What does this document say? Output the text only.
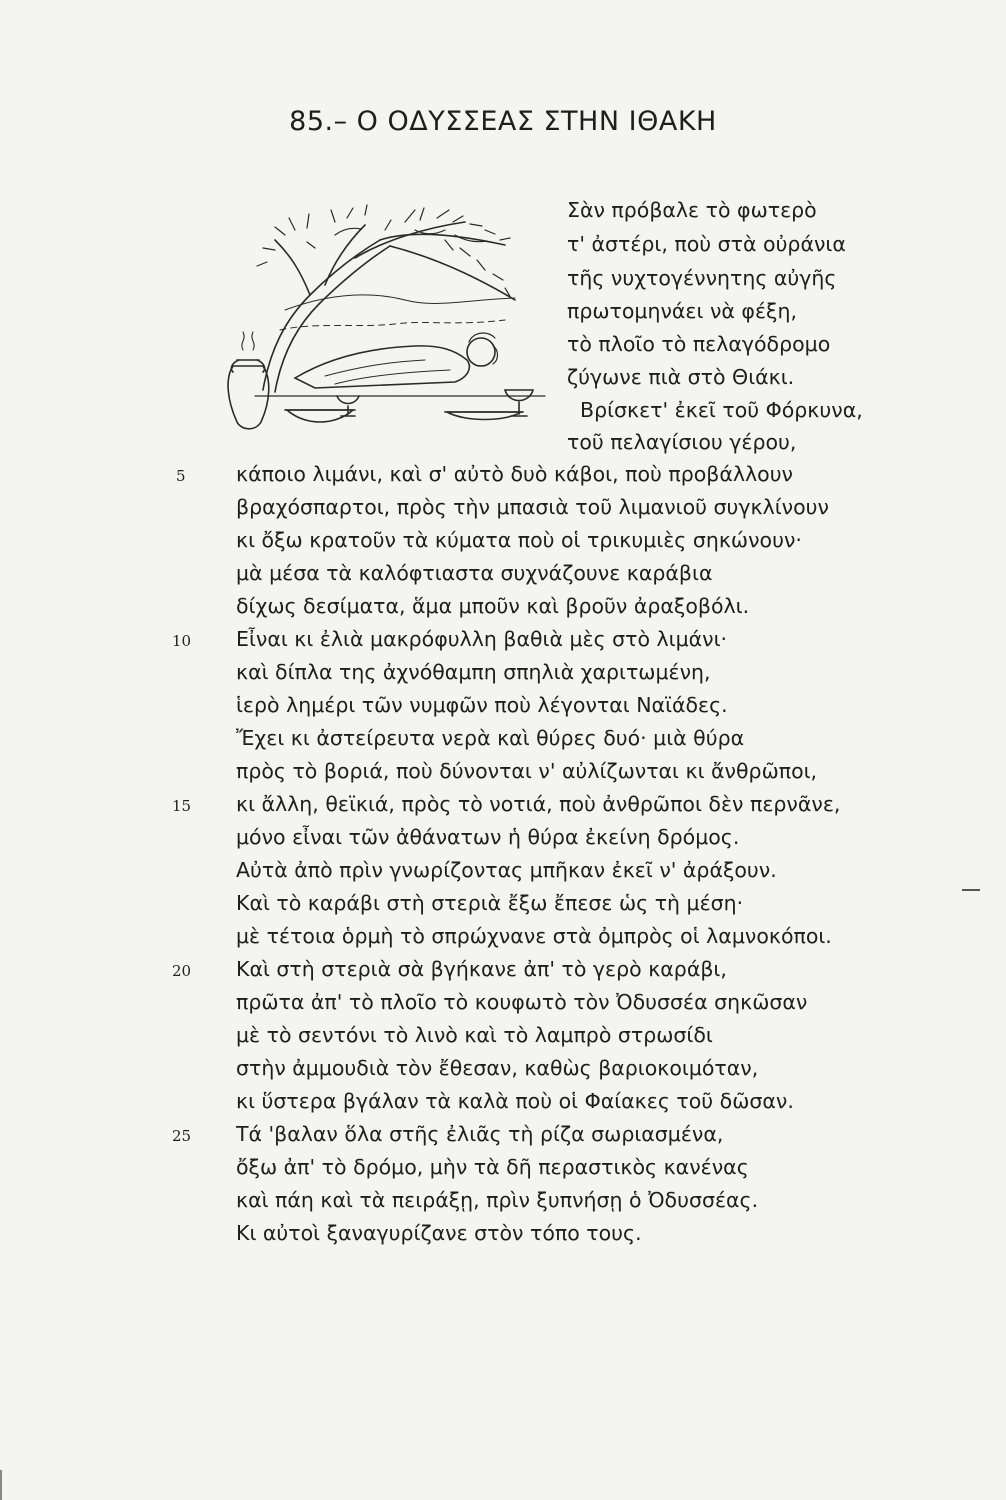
85.– Ο ΟΔΥΣΣΕΑΣ ΣΤΗΝ ΙΘΑΚΗ
Σὰν πρόβαλε τὸ φωτερὸ
τ' ἀστέρι, ποὺ στὰ οὐράνια
τῆς νυχτογέννητης αὐγῆς
πρωτομηνάει νὰ φέξη,
τὸ πλοῖο τὸ πελαγόδρομο
ζύγωνε πιὰ στὸ Θιάκι.
Βρίσκετ' ἐκεῖ τοῦ Φόρκυνα,
τοῦ πελαγίσιου γέρου,
κάποιο λιμάνι, καὶ σ' αὐτὸ δυὸ κάβοι, ποὺ προβάλλουν
βραχόσπαρτοι, πρὸς τὴν μπασιὰ τοῦ λιμανιοῦ συγκλίνουν
κι ὄξω κρατοῦν τὰ κύματα ποὺ οἱ τρικυμιὲς σηκώνουν·
μὰ μέσα τὰ καλόφτιαστα συχνάζουνε καράβια
δίχως δεσίματα, ἅμα μποῦν καὶ βροῦν ἀραξοβόλι.
Εἶναι κι ἐλιὰ μακρόφυλλη βαθιὰ μὲς στὸ λιμάνι·
καὶ δίπλα της ἀχνόθαμπη σπηλιὰ χαριτωμένη,
ἱερὸ λημέρι τῶν νυμφῶν ποὺ λέγονται Ναϊάδες.
Ἔχει κι ἀστείρευτα νερὰ καὶ θύρες δυό· μιὰ θύρα
πρὸς τὸ βοριά, ποὺ δύνονται ν' αὐλίζωνται κι ἄνθρῶποι,
κι ἄλλη, θεϊκιά, πρὸς τὸ νοτιά, ποὺ ἀνθρῶποι δὲν περνᾶνε,
μόνο εἶναι τῶν ἀθάνατων ἡ θύρα ἐκείνη δρόμος.
Αὐτὰ ἀπὸ πρὶν γνωρίζοντας μπῆκαν ἐκεῖ ν' ἀράξουν.
Καὶ τὸ καράβι στὴ στεριὰ ἔξω ἔπεσε ὡς τὴ μέση·
μὲ τέτοια ὁρμὴ τὸ σπρώχνανε στὰ ὀμπρὸς οἱ λαμνοκόποι.
Καὶ στὴ στεριὰ σὰ βγήκανε ἀπ' τὸ γερὸ καράβι,
πρῶτα ἀπ' τὸ πλοῖο τὸ κουφωτὸ τὸν Ὀδυσσέα σηκῶσαν
μὲ τὸ σεντόνι τὸ λινὸ καὶ τὸ λαμπρὸ στρωσίδι
στὴν ἀμμουδιὰ τὸν ἔθεσαν, καθὼς βαριοκοιμόταν,
κι ὕστερα βγάλαν τὰ καλὰ ποὺ οἱ Φαίακες τοῦ δῶσαν.
Τά 'βαλαν ὅλα στῆς ἐλιᾶς τὴ ρίζα σωριασμένα,
ὄξω ἀπ' τὸ δρόμο, μὴν τὰ δῆ περαστικὸς κανένας
καὶ πάη καὶ τὰ πειράξῃ, πρὶν ξυπνήσῃ ὁ Ὀδυσσέας.
Κι αὐτοὶ ξαναγυρίζανε στὸν τόπο τους.
5
10
15
20
25
